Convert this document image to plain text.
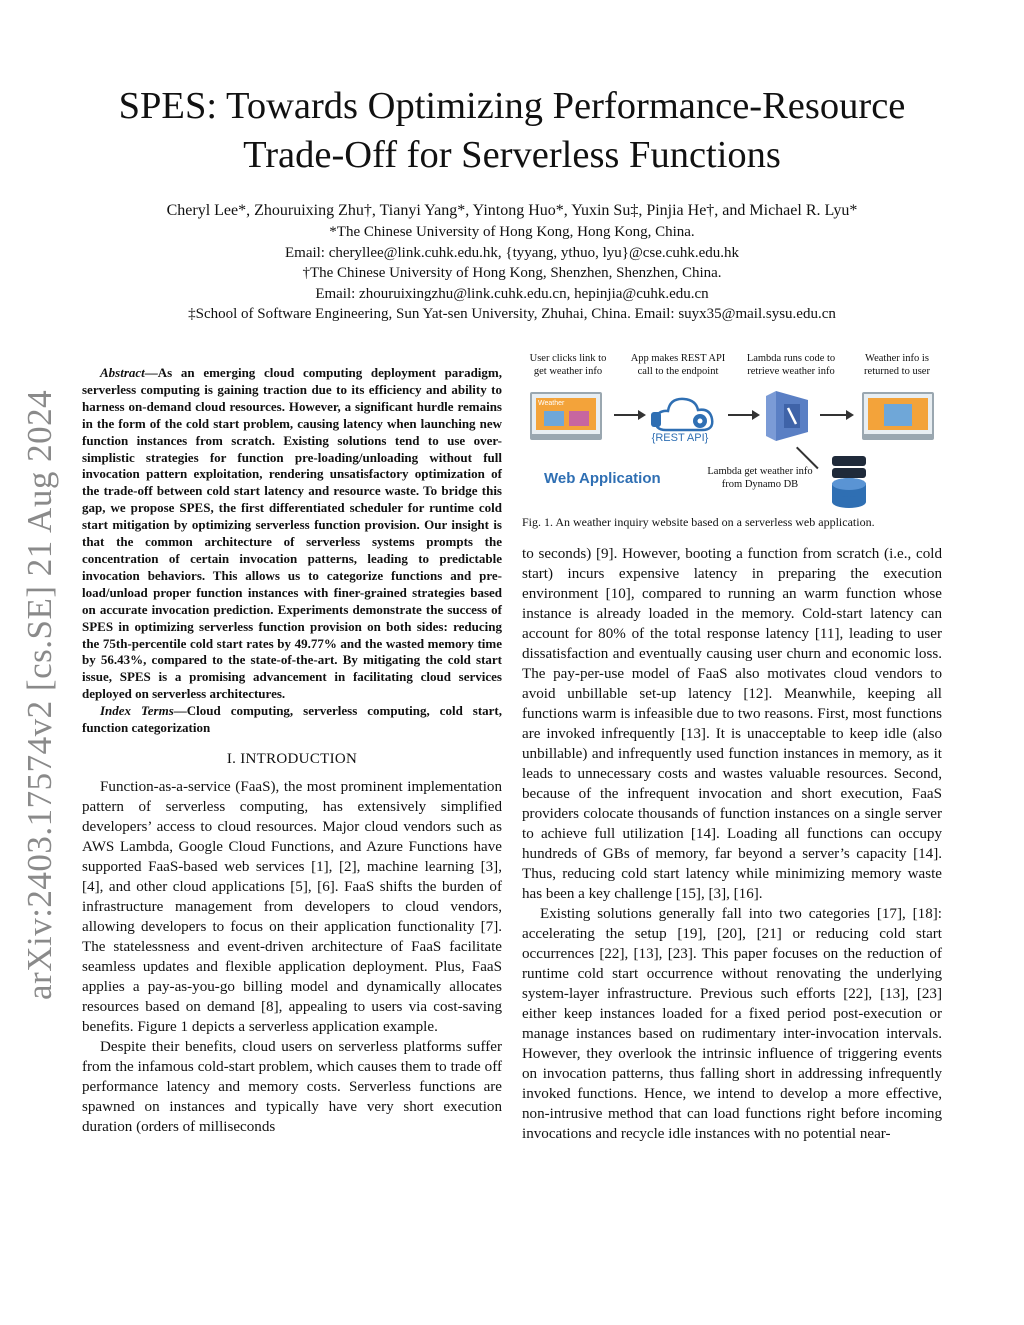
arXiv:2403.17574v2 [cs.SE] 21 Aug 2024
SPES: Towards Optimizing Performance-Resource
Trade-Off for Serverless Functions
Cheryl Lee*, Zhouruixing Zhu†, Tianyi Yang*, Yintong Huo*, Yuxin Su‡, Pinjia He†, and Michael R. Lyu*
*The Chinese University of Hong Kong, Hong Kong, China.
Email: cheryllee@link.cuhk.edu.hk, {tyyang, ythuo, lyu}@cse.cuhk.edu.hk
†The Chinese University of Hong Kong, Shenzhen, Shenzhen, China.
Email: zhouruixingzhu@link.cuhk.edu.cn, hepinjia@cuhk.edu.cn
‡School of Software Engineering, Sun Yat-sen University, Zhuhai, China. Email: suyx35@mail.sysu.edu.cn
Abstract—As an emerging cloud computing deployment paradigm, serverless computing is gaining traction due to its efficiency and ability to harness on-demand cloud resources. However, a significant hurdle remains in the form of the cold start problem, causing latency when launching new function instances from scratch. Existing solutions tend to use over-simplistic strategies for function pre-loading/unloading without full invocation pattern exploitation, rendering unsatisfactory optimization of the trade-off between cold start latency and resource waste. To bridge this gap, we propose SPES, the first differentiated scheduler for runtime cold start mitigation by optimizing serverless function provision. Our insight is that the common architecture of serverless systems prompts the concentration of certain invocation patterns, leading to predictable invocation behaviors. This allows us to categorize functions and pre-load/unload proper function instances with finer-grained strategies based on accurate invocation prediction. Experiments demonstrate the success of SPES in optimizing serverless function provision on both sides: reducing the 75th-percentile cold start rates by 49.77% and the wasted memory time by 56.43%, compared to the state-of-the-art. By mitigating the cold start issue, SPES is a promising advancement in facilitating cloud services deployed on serverless architectures.
Index Terms—Cloud computing, serverless computing, cold start, function categorization
I. INTRODUCTION

Function-as-a-service (FaaS), the most prominent implementation pattern of serverless computing, has extensively simplified developers’ access to cloud resources. Major cloud vendors such as AWS Lambda, Google Cloud Functions, and Azure Functions have supported FaaS-based web services [1], [2], machine learning [3], [4], and other cloud applications [5], [6]. FaaS shifts the burden of infrastructure management from developers to cloud vendors, allowing developers to focus on their application functionality [7]. The statelessness and event-driven architecture of FaaS facilitate seamless updates and flexible application deployment. Plus, FaaS applies a pay-as-you-go billing model and dynamically allocates resources based on demand [8], appealing to users via cost-saving benefits. Figure 1 depicts a serverless application example.

Despite their benefits, cloud users on serverless platforms suffer from the infamous cold-start problem, which causes them to trade off performance latency and memory costs. Serverless functions are spawned on instances and typically have very short execution duration (orders of milliseconds

User clicks link to get weather info
App makes REST API call to the endpoint
Lambda runs code to retrieve weather info
Weather info is returned to user
Weather
{REST API}
Lambda get weather info from Dynamo DB
Web Application
Fig. 1. An weather inquiry website based on a serverless web application.

to seconds) [9]. However, booting a function from scratch (i.e., cold start) incurs expensive latency in preparing the execution environment [10], compared to running an warm function whose instance is already loaded in the memory. Cold-start latency can account for 80% of the total response latency [11], leading to user dissatisfaction and eventually causing user churn and economic loss. The pay-per-use model of FaaS also motivates cloud vendors to avoid unbillable set-up latency [12]. Meanwhile, keeping all functions warm is infeasible due to two reasons. First, most functions are invoked infrequently [13]. It is unacceptable to keep idle (also unbillable) and infrequently used function instances in memory, as it leads to unnecessary costs and wastes valuable resources. Second, because of the infrequent invocation and short execution, FaaS providers colocate thousands of function instances on a single server to achieve full utilization [14]. Loading all functions can occupy hundreds of GBs of memory, far beyond a server’s capacity [14]. Thus, reducing cold start latency while minimizing memory waste has been a key challenge [15], [3], [16].

Existing solutions generally fall into two categories [17], [18]: accelerating the setup [19], [20], [21] or reducing cold start occurrences [22], [13], [23]. This paper focuses on the reduction of runtime cold start occurrence without renovating the underlying system-layer infrastructure. Previous such efforts [22], [13], [23] either keep instances loaded for a fixed period post-execution or manage instances based on rudimentary inter-invocation intervals. However, they overlook the intrinsic influence of triggering events on invocation patterns, thus falling short in addressing infrequently invoked functions. Hence, we intend to develop a more effective, non-intrusive method that can load functions right before incoming invocations and recycle idle instances with no potential near-
